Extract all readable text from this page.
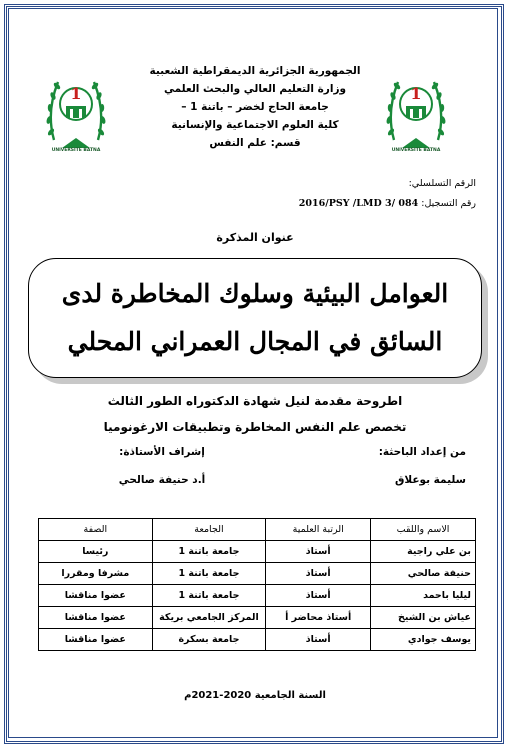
1
UNIVERSITE BATNA
1
UNIVERSITE BATNA
الجمهورية الجزائرية الديمقراطية الشعبية
وزارة التعليم العالي والبحث العلمي
جامعة الحاج لخضر – باتنة 1 –
كلية العلوم الاجتماعية والإنسانية
قسم: علم النفس
الرقم التسلسلي:
رقم التسجيل: 2016/PSY /LMD 3/ 084
عنوان المذكرة
العوامل البيئية وسلوك المخاطرة لدى
السائق في المجال العمراني المحلي
اطروحة مقدمة لنيل شهادة الدكتوراه الطور الثالث
تخصص علم النفس المخاطرة وتطبيقات الارغونوميا
من إعداد الباحثة:
سليمة بوعلاق
إشراف الأستاذة:
أ.د حنيفة صالحي
الاسم واللقب	الرتبة العلمية	الجامعة	الصفة
بن علي راجية	أستاذ	جامعة باتنة 1	رئيسا
حنيفة صالحي	أستاذ	جامعة باتنة 1	مشرفا ومقررا
ليليا باحمد	أستاذ	جامعة باتنة 1	عضوا مناقشا
عياش بن الشيخ	أستاذ محاضر أ	المركز الجامعي بريكة	عضوا مناقشا
يوسف جوادي	أستاذ	جامعة بسكرة	عضوا مناقشا
السنة الجامعية 2020-2021م
